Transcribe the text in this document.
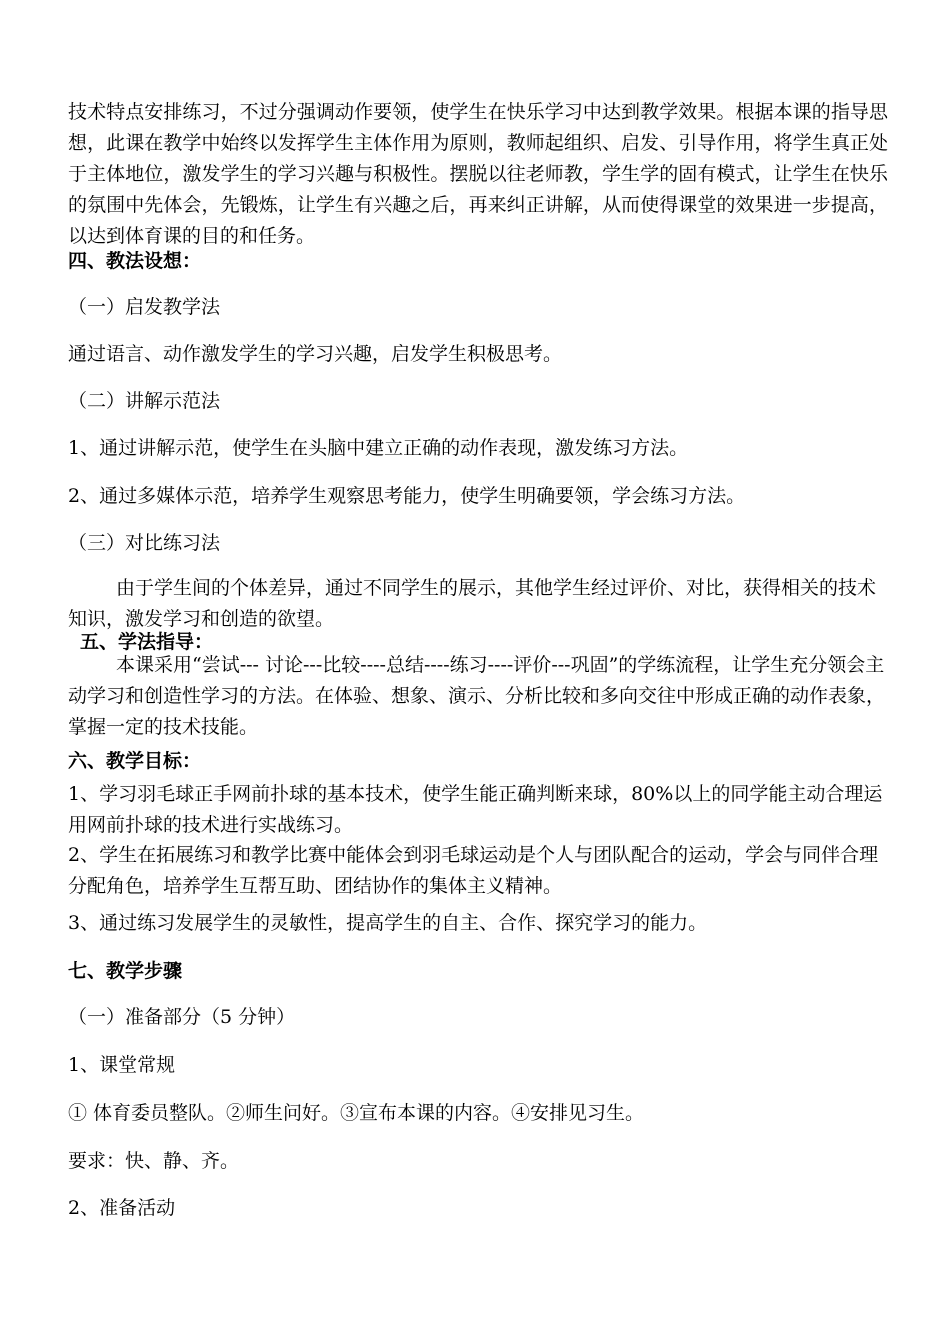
技术特点安排练习，不过分强调动作要领，使学生在快乐学习中达到教学效果。根据本课的指导思想，此课在教学中始终以发挥学生主体作用为原则，教师起组织、启发、引导作用，将学生真正处于主体地位，激发学生的学习兴趣与积极性。摆脱以往老师教，学生学的固有模式，让学生在快乐的氛围中先体会，先锻炼，让学生有兴趣之后，再来纠正讲解，从而使得课堂的效果进一步提高，以达到体育课的目的和任务。

四、教法设想：

（一）启发教学法

通过语言、动作激发学生的学习兴趣，启发学生积极思考。

（二）讲解示范法

1、通过讲解示范，使学生在头脑中建立正确的动作表现，激发练习方法。

2、通过多媒体示范，培养学生观察思考能力，使学生明确要领，学会练习方法。

（三）对比练习法

由于学生间的个体差异，通过不同学生的展示，其他学生经过评价、对比，获得相关的技术知识，激发学习和创造的欲望。

五、学法指导：

本课采用“尝试--- 讨论---比较----总结----练习----评价---巩固”的学练流程，让学生充分领会主动学习和创造性学习的方法。在体验、想象、演示、分析比较和多向交往中形成正确的动作表象，掌握一定的技术技能。

六、教学目标：

1、学习羽毛球正手网前扑球的基本技术，使学生能正确判断来球，80%以上的同学能主动合理运用网前扑球的技术进行实战练习。

2、学生在拓展练习和教学比赛中能体会到羽毛球运动是个人与团队配合的运动，学会与同伴合理分配角色，培养学生互帮互助、团结协作的集体主义精神。

3、通过练习发展学生的灵敏性，提高学生的自主、合作、探究学习的能力。

七、教学步骤

（一）准备部分（5 分钟）

1、课堂常规

① 体育委员整队。②师生问好。③宣布本课的内容。④安排见习生。

要求：快、静、齐。

2、准备活动
